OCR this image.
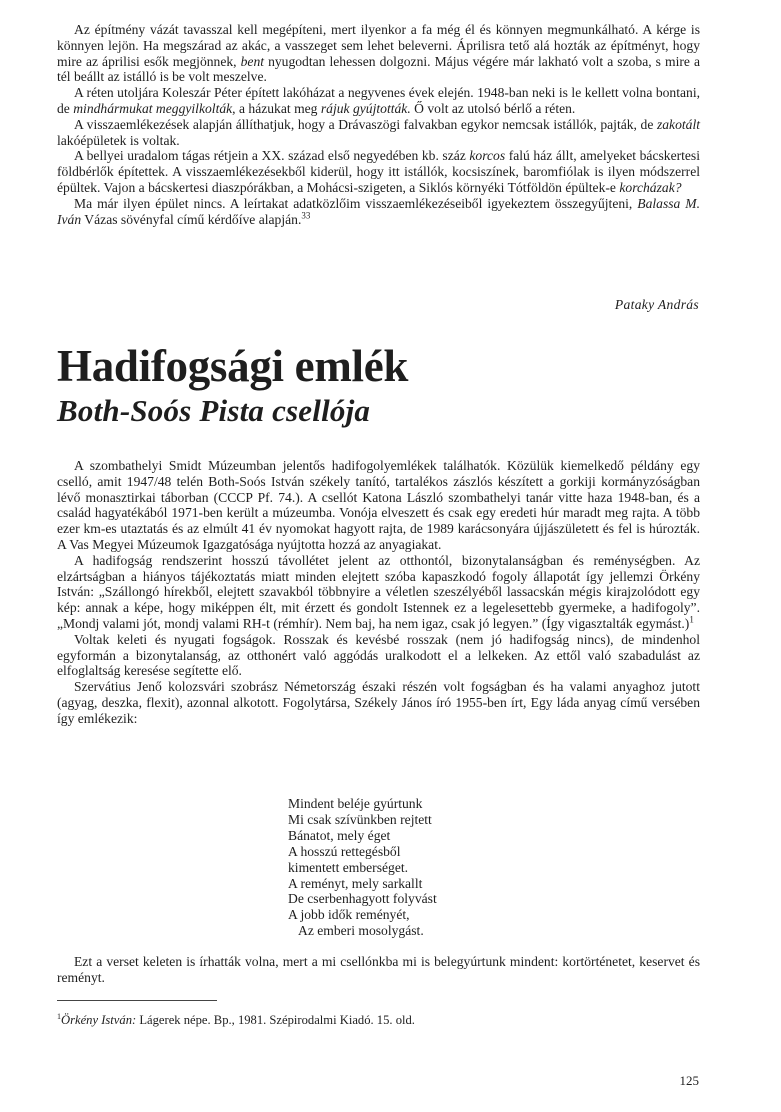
Az építmény vázát tavasszal kell megépíteni, mert ilyenkor a fa még él és könnyen megmunkálható. A kérge is könnyen lejön. Ha megszárad az akác, a vasszeget sem lehet beleverni. Áprilisra tető alá hozták az építményt, hogy mire az áprilisi esők megjönnek, bent nyugodtan lehessen dolgozni. Május végére már lakható volt a szoba, s mire a tél beállt az istálló is be volt meszelve.

A réten utoljára Koleszár Péter épített lakóházat a negyvenes évek elején. 1948-ban neki is le kellett volna bontani, de mindhármukat meggyilkolták, a házukat meg rájuk gyújtották. Ő volt az utolsó bérlő a réten.

A visszaemlékezések alapján állíthatjuk, hogy a Drávaszögi falvakban egykor nemcsak istállók, pajták, de zakotált lakóépületek is voltak.

A bellyei uradalom tágas rétjein a XX. század első negyedében kb. száz korcos falú ház állt, amelyeket bácskertesi földbérlők építettek. A visszaemlékezésekből kiderül, hogy itt istállók, kocsiszínek, baromfiólak is ilyen módszerrel épültek. Vajon a bácskertesi diaszpórákban, a Mohácsi-szigeten, a Siklós környéki Tótföldön épültek-e korcházak?

Ma már ilyen épület nincs. A leírtakat adatközlőim visszaemlékezéseiből igyekeztem összegyűjteni, Balassa M. Iván Vázas sövényfal című kérdőíve alapján.$^{33}$

Pataky András
Hadifogsági emlék
Both-Soós Pista csellója

A szombathelyi Smidt Múzeumban jelentős hadifogolyemlékek találhatók. Közülük kiemelkedő példány egy cselló, amit 1947/48 telén Both-Soós István székely tanító, tartalékos zászlós készített a gorkiji kormányzóságban lévő monasztirkai táborban (CCCP Pf. 74.). A csellót Katona László szombathelyi tanár vitte haza 1948-ban, és a család hagyatékából 1971-ben került a múzeumba. Vonója elveszett és csak egy eredeti húr maradt meg rajta. A több ezer km-es utaztatás és az elmúlt 41 év nyomokat hagyott rajta, de 1989 karácsonyára újjászületett és fel is húrozták. A Vas Megyei Múzeumok Igazgatósága nyújtotta hozzá az anyagiakat.

A hadifogság rendszerint hosszú távollétet jelent az otthontól, bizonytalanságban és reménységben. Az elzártságban a hiányos tájékoztatás miatt minden elejtett szóba kapaszkodó fogoly állapotát így jellemzi Örkény István: „Szállongó hírekből, elejtett szavakból többnyire a véletlen szeszélyéből lassacskán mégis kirajzolódott egy kép: annak a képe, hogy miképpen élt, mit érzett és gondolt Istennek ez a legelesettebb gyermeke, a hadifogoly”. „Mondj valami jót, mondj valami RH-t (rémhír). Nem baj, ha nem igaz, csak jó legyen.” (Így vigasztalták egymást.)$^1$

Voltak keleti és nyugati fogságok. Rosszak és kevésbé rosszak (nem jó hadifogság nincs), de mindenhol egyformán a bizonytalanság, az otthonért való aggódás uralkodott el a lelkeken. Az ettől való szabadulást az elfoglaltság keresése segítette elő.

Szervátius Jenő kolozsvári szobrász Németország északi részén volt fogságban és ha valami anyaghoz jutott (agyag, deszka, flexit), azonnal alkotott. Fogolytársa, Székely János író 1955-ben írt, Egy láda anyag című versében így emlékezik:

Mindent beléje gyúrtunk
Mi csak szívünkben rejtett
Bánatot, mely éget
A hosszú rettegésből
kimentett emberséget.
A reményt, mely sarkallt
De cserbenhagyott folyvást
A jobb idők reményét,
Az emberi mosolygást.

Ezt a verset keleten is írhatták volna, mert a mi csellónkba mi is belegyúrtunk mindent: kortörténetet, keservet és reményt.

$^1$Örkény István: Lágerek népe. Bp., 1981. Szépirodalmi Kiadó. 15. old.
125
